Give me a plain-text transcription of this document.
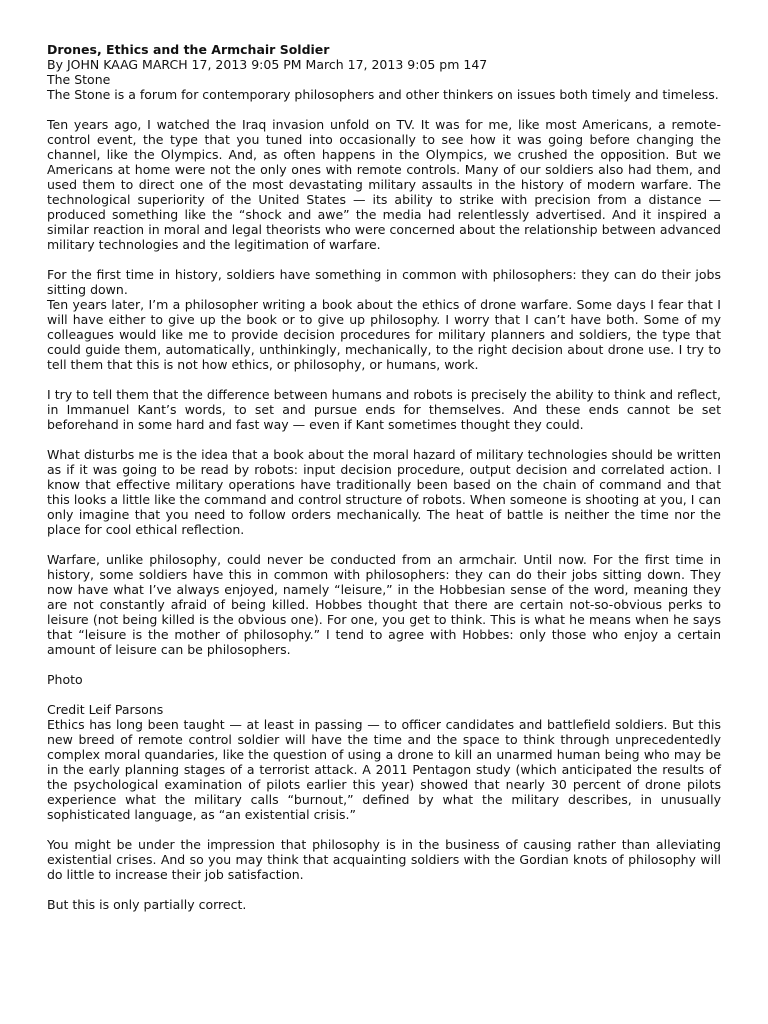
Drones, Ethics and the Armchair Soldier
By JOHN KAAG MARCH 17, 2013 9:05 PM March 17, 2013 9:05 pm 147
The Stone

The Stone is a forum for contemporary philosophers and other thinkers on issues both timely and timeless.

Ten years ago, I watched the Iraq invasion unfold on TV. It was for me, like most Americans, a remote-control event, the type that you tuned into occasionally to see how it was going before changing the channel, like the Olympics. And, as often happens in the Olympics, we crushed the opposition. But we Americans at home were not the only ones with remote controls. Many of our soldiers also had them, and used them to direct one of the most devastating military assaults in the history of modern warfare. The technological superiority of the United States — its ability to strike with precision from a distance — produced something like the “shock and awe” the media had relentlessly advertised. And it inspired a similar reaction in moral and legal theorists who were concerned about the relationship between advanced military technologies and the legitimation of warfare.

For the first time in history, soldiers have something in common with philosophers: they can do their jobs sitting down.

Ten years later, I’m a philosopher writing a book about the ethics of drone warfare. Some days I fear that I will have either to give up the book or to give up philosophy. I worry that I can’t have both. Some of my colleagues would like me to provide decision procedures for military planners and soldiers, the type that could guide them, automatically, unthinkingly, mechanically, to the right decision about drone use. I try to tell them that this is not how ethics, or philosophy, or humans, work.

I try to tell them that the difference between humans and robots is precisely the ability to think and reflect, in Immanuel Kant’s words, to set and pursue ends for themselves. And these ends cannot be set beforehand in some hard and fast way — even if Kant sometimes thought they could.

What disturbs me is the idea that a book about the moral hazard of military technologies should be written as if it was going to be read by robots: input decision procedure, output decision and correlated action. I know that effective military operations have traditionally been based on the chain of command and that this looks a little like the command and control structure of robots. When someone is shooting at you, I can only imagine that you need to follow orders mechanically. The heat of battle is neither the time nor the place for cool ethical reflection.

Warfare, unlike philosophy, could never be conducted from an armchair. Until now. For the first time in history, some soldiers have this in common with philosophers: they can do their jobs sitting down. They now have what I’ve always enjoyed, namely “leisure,” in the Hobbesian sense of the word, meaning they are not constantly afraid of being killed. Hobbes thought that there are certain not-so-obvious perks to leisure (not being killed is the obvious one). For one, you get to think. This is what he means when he says that “leisure is the mother of philosophy.” I tend to agree with Hobbes: only those who enjoy a certain amount of leisure can be philosophers.

Photo

Credit Leif Parsons

Ethics has long been taught — at least in passing — to officer candidates and battlefield soldiers. But this new breed of remote control soldier will have the time and the space to think through unprecedentedly complex moral quandaries, like the question of using a drone to kill an unarmed human being who may be in the early planning stages of a terrorist attack. A 2011 Pentagon study (which anticipated the results of the psychological examination of pilots earlier this year) showed that nearly 30 percent of drone pilots experience what the military calls “burnout,” defined by what the military describes, in unusually sophisticated language, as “an existential crisis.”

You might be under the impression that philosophy is in the business of causing rather than alleviating existential crises. And so you may think that acquainting soldiers with the Gordian knots of philosophy will do little to increase their job satisfaction.

But this is only partially correct.
